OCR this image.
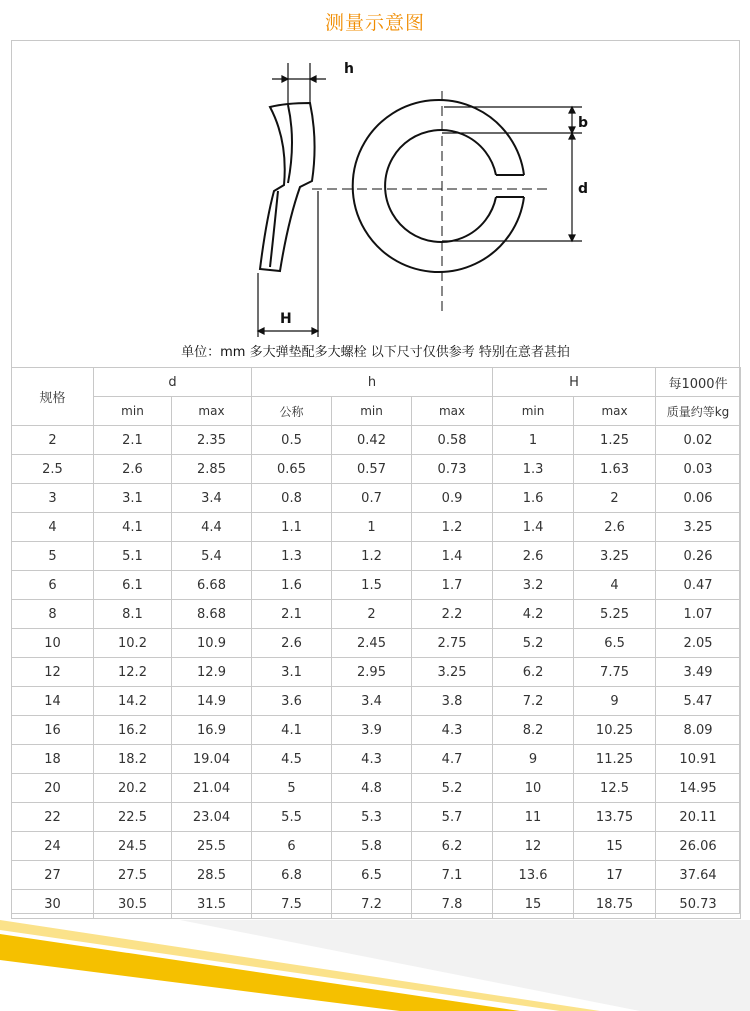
测量示意图
h
H
b
d
单位：mm 多大弹垫配多大螺栓 以下尺寸仅供参考 特别在意者甚拍
规格	d		h			H		每1000件
	min	max	公称	min	max	min	max	质量约等kg
2	2.1	2.35	0.5	0.42	0.58	1	1.25	0.02
2.5	2.6	2.85	0.65	0.57	0.73	1.3	1.63	0.03
3	3.1	3.4	0.8	0.7	0.9	1.6	2	0.06
4	4.1	4.4	1.1	1	1.2	1.4	2.6	3.25
5	5.1	5.4	1.3	1.2	1.4	2.6	3.25	0.26
6	6.1	6.68	1.6	1.5	1.7	3.2	4	0.47
8	8.1	8.68	2.1	2	2.2	4.2	5.25	1.07
10	10.2	10.9	2.6	2.45	2.75	5.2	6.5	2.05
12	12.2	12.9	3.1	2.95	3.25	6.2	7.75	3.49
14	14.2	14.9	3.6	3.4	3.8	7.2	9	5.47
16	16.2	16.9	4.1	3.9	4.3	8.2	10.25	8.09
18	18.2	19.04	4.5	4.3	4.7	9	11.25	10.91
20	20.2	21.04	5	4.8	5.2	10	12.5	14.95
22	22.5	23.04	5.5	5.3	5.7	11	13.75	20.11
24	24.5	25.5	6	5.8	6.2	12	15	26.06
27	27.5	28.5	6.8	6.5	7.1	13.6	17	37.64
30	30.5	31.5	7.5	7.2	7.8	15	18.75	50.73
